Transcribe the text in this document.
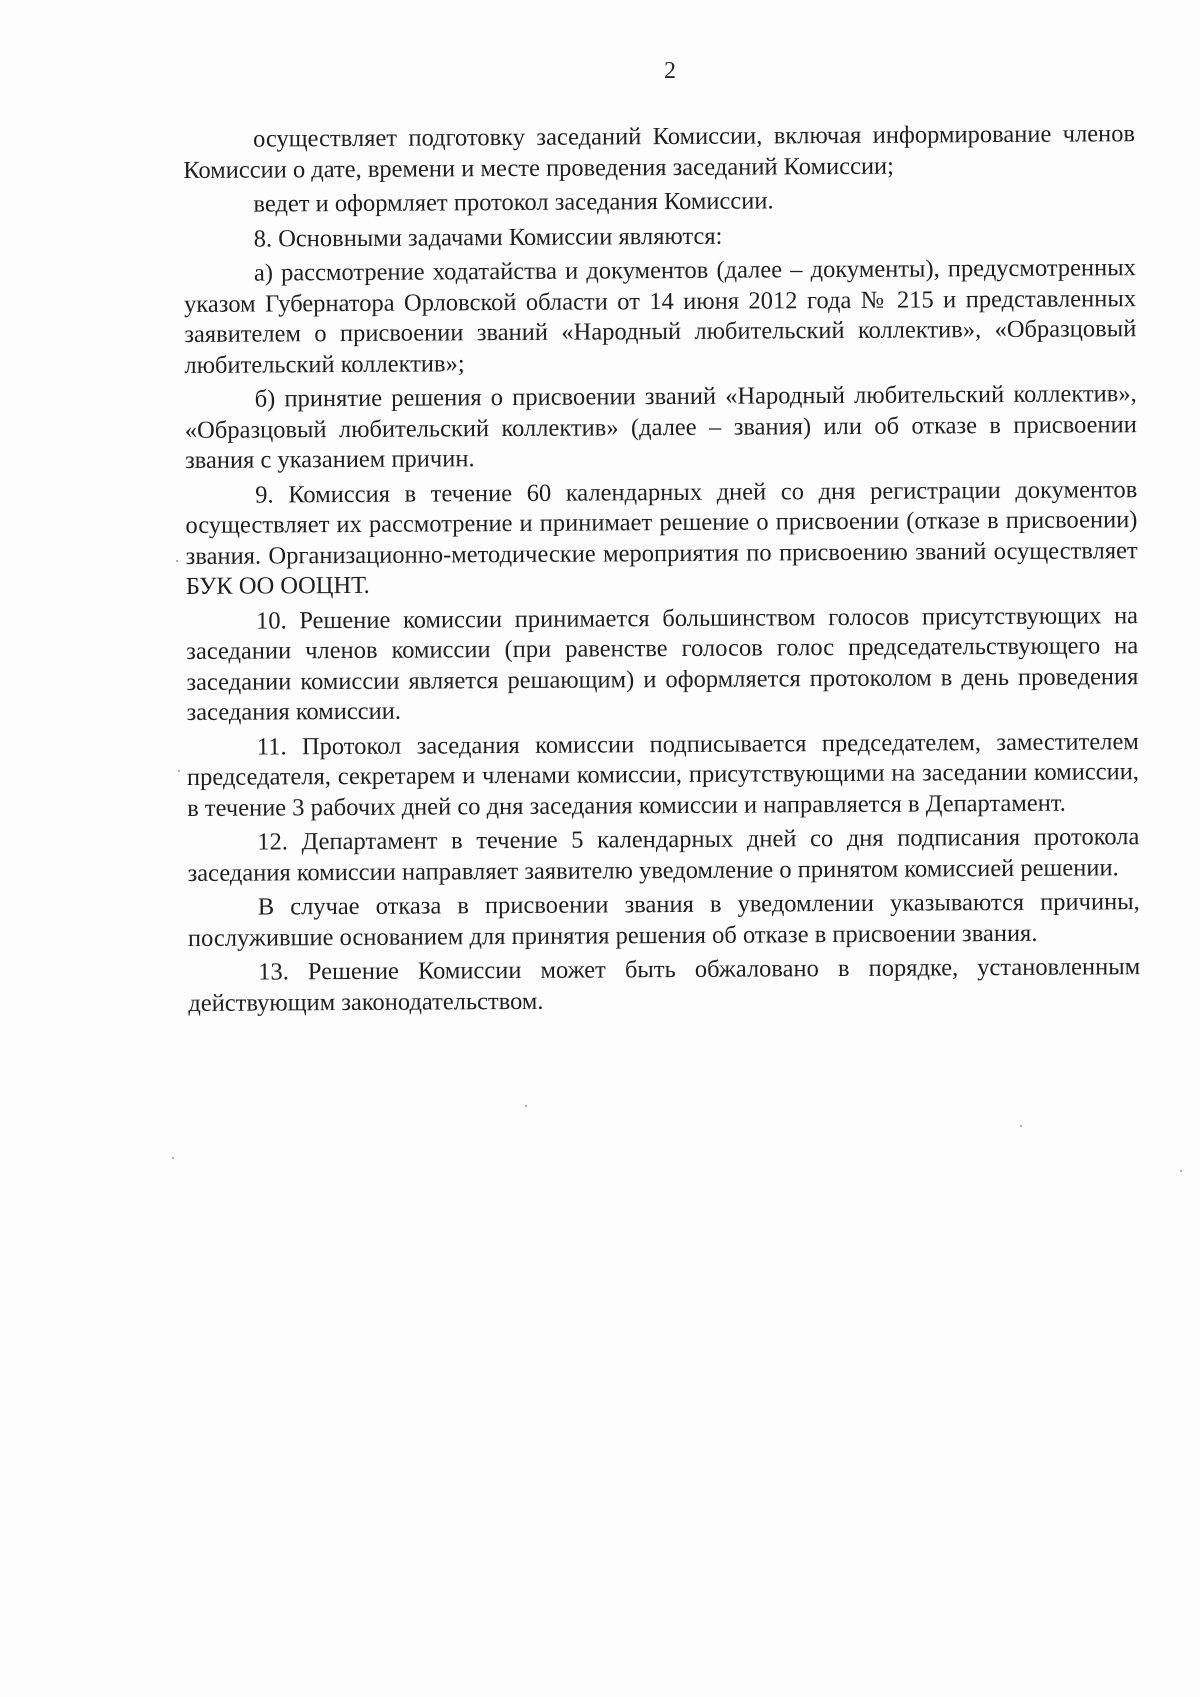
2

осуществляет подготовку заседаний Комиссии, включая информирование членов Комиссии о дате, времени и месте проведения заседаний Комиссии;

ведет и оформляет протокол заседания Комиссии.

8. Основными задачами Комиссии являются:

а) рассмотрение ходатайства и документов (далее – документы), предусмотренных указом Губернатора Орловской области от 14 июня 2012 года № 215 и представленных заявителем о присвоении званий «Народный любительский коллектив», «Образцовый любительский коллектив»;

б) принятие решения о присвоении званий «Народный любительский коллектив», «Образцовый любительский коллектив» (далее – звания) или об отказе в присвоении звания с указанием причин.

9. Комиссия в течение 60 календарных дней со дня регистрации документов осуществляет их рассмотрение и принимает решение о присвоении (отказе в присвоении) звания. Организационно-методические мероприятия по присвоению званий осуществляет БУК ОО ООЦНТ.

10. Решение комиссии принимается большинством голосов присутствующих на заседании членов комиссии (при равенстве голосов голос председательствующего на заседании комиссии является решающим) и оформляется протоколом в день проведения заседания комиссии.

11. Протокол заседания комиссии подписывается председателем, заместителем председателя, секретарем и членами комиссии, присутствующими на заседании комиссии, в течение 3 рабочих дней со дня заседания комиссии и направляется в Департамент.

12. Департамент в течение 5 календарных дней со дня подписания протокола заседания комиссии направляет заявителю уведомление о принятом комиссией решении.

В случае отказа в присвоении звания в уведомлении указываются причины, послужившие основанием для принятия решения об отказе в присвоении звания.

13. Решение Комиссии может быть обжаловано в порядке, установленным действующим законодательством.
